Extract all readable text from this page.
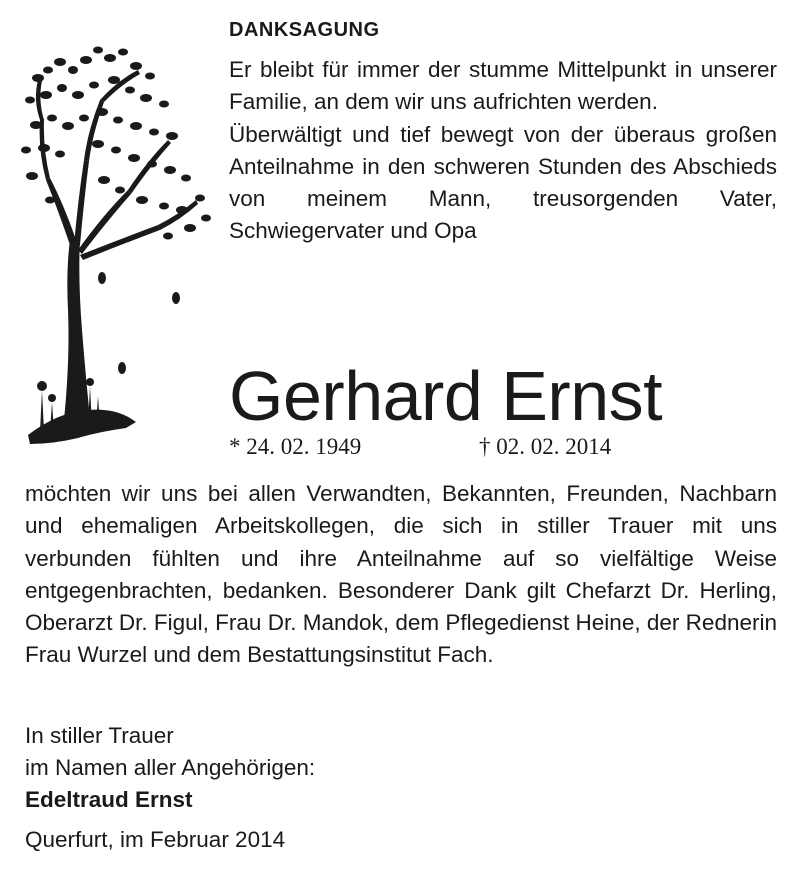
DANKSAGUNG

Er bleibt für immer der stumme Mittelpunkt in unserer Familie, an dem wir uns aufrichten werden.

Überwältigt und tief bewegt von der überaus großen Anteilnahme in den schweren Stunden des Abschieds von meinem Mann, treusorgenden Vater, Schwiegervater und Opa

Gerhard Ernst
* 24. 02. 1949	† 02. 02. 2014

möchten wir uns bei allen Verwandten, Bekannten, Freunden, Nachbarn und ehemaligen Arbeitskollegen, die sich in stiller Trauer mit uns verbunden fühlten und ihre Anteilnahme auf so vielfältige Weise entgegenbrachten, bedanken. Besonderer Dank gilt Chefarzt Dr. Herling, Oberarzt Dr. Figul, Frau Dr. Mandok, dem Pflegedienst Heine, der Rednerin Frau Wurzel und dem Bestattungsinstitut Fach.

In stiller Trauer
im Namen aller Angehörigen:
Edeltraud Ernst
Querfurt, im Februar 2014
